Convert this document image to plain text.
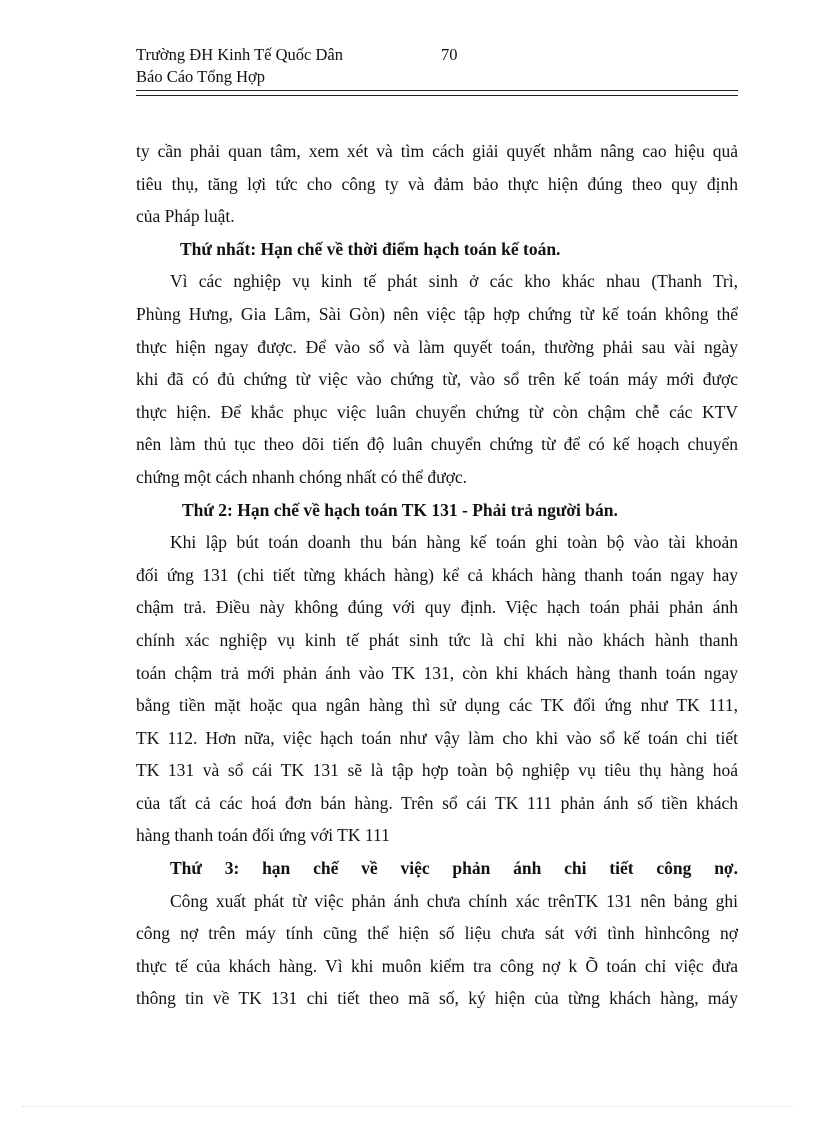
Trường ĐH Kinh Tế Quốc Dân	70
Báo Cáo Tổng Hợp

ty cần phải quan tâm, xem xét và tìm cách giải quyết nhằm nâng cao hiệu quả
tiêu thụ, tăng lợi tức cho công ty và đảm bảo thực hiện đúng theo quy định
của Pháp luật.

Thứ nhất: Hạn chế về thời điểm hạch toán kế toán.

Vì các nghiệp vụ kinh tế phát sinh ở các kho khác nhau (Thanh Trì,
Phùng Hưng, Gia Lâm, Sài Gòn) nên việc tập hợp chứng từ kế toán không thể
thực hiện ngay được. Để vào sổ và làm quyết toán, thường phải sau vài ngày
khi đã có đủ chứng từ việc vào chứng từ, vào sổ trên kế toán máy mới được
thực hiện. Để khắc phục việc luân chuyển chứng từ còn chậm chễ các KTV
nên làm thủ tục theo dõi tiến độ luân chuyển chứng từ để có kế hoạch chuyển
chứng một cách nhanh chóng nhất có thể được.

Thứ 2: Hạn chế về hạch toán TK 131 - Phải trả người bán.

Khi lập bút toán doanh thu bán hàng kế toán ghi toàn bộ vào tài khoản
đối ứng 131 (chi tiết từng khách hàng) kể cả khách hàng thanh toán ngay hay
chậm trả. Điều này không đúng với quy định. Việc hạch toán phải phản ánh
chính xác nghiệp vụ kinh tế phát sinh tức là chỉ khi nào khách hành thanh
toán chậm trả mới phản ánh vào TK 131, còn khi khách hàng thanh toán ngay
bằng tiền mặt hoặc qua ngân hàng thì sử dụng các TK đối ứng như TK 111,
TK 112. Hơn nữa, việc hạch toán như vậy làm cho khi vào sổ kế toán chi tiết
TK 131 và sổ cái TK 131 sẽ là tập hợp toàn bộ nghiệp vụ tiêu thụ hàng hoá
của tất cả các hoá đơn bán hàng. Trên sổ cái TK 111 phản ánh số tiền khách
hàng thanh toán đối ứng với TK 111

Thứ 3: hạn chế về việc phản ánh chi tiết công nợ.

Công xuất phát từ việc phản ánh chưa chính xác trênTK 131 nên bảng ghi
công nợ trên máy tính cũng thể hiện số liệu chưa sát với tình hìnhcông nợ
thực tế của khách hàng. Vì khi muôn kiểm tra công nợ k Õ toán chỉ việc đưa
thông tin về TK 131 chi tiết theo mã số, ký hiện của từng khách hàng, máy
